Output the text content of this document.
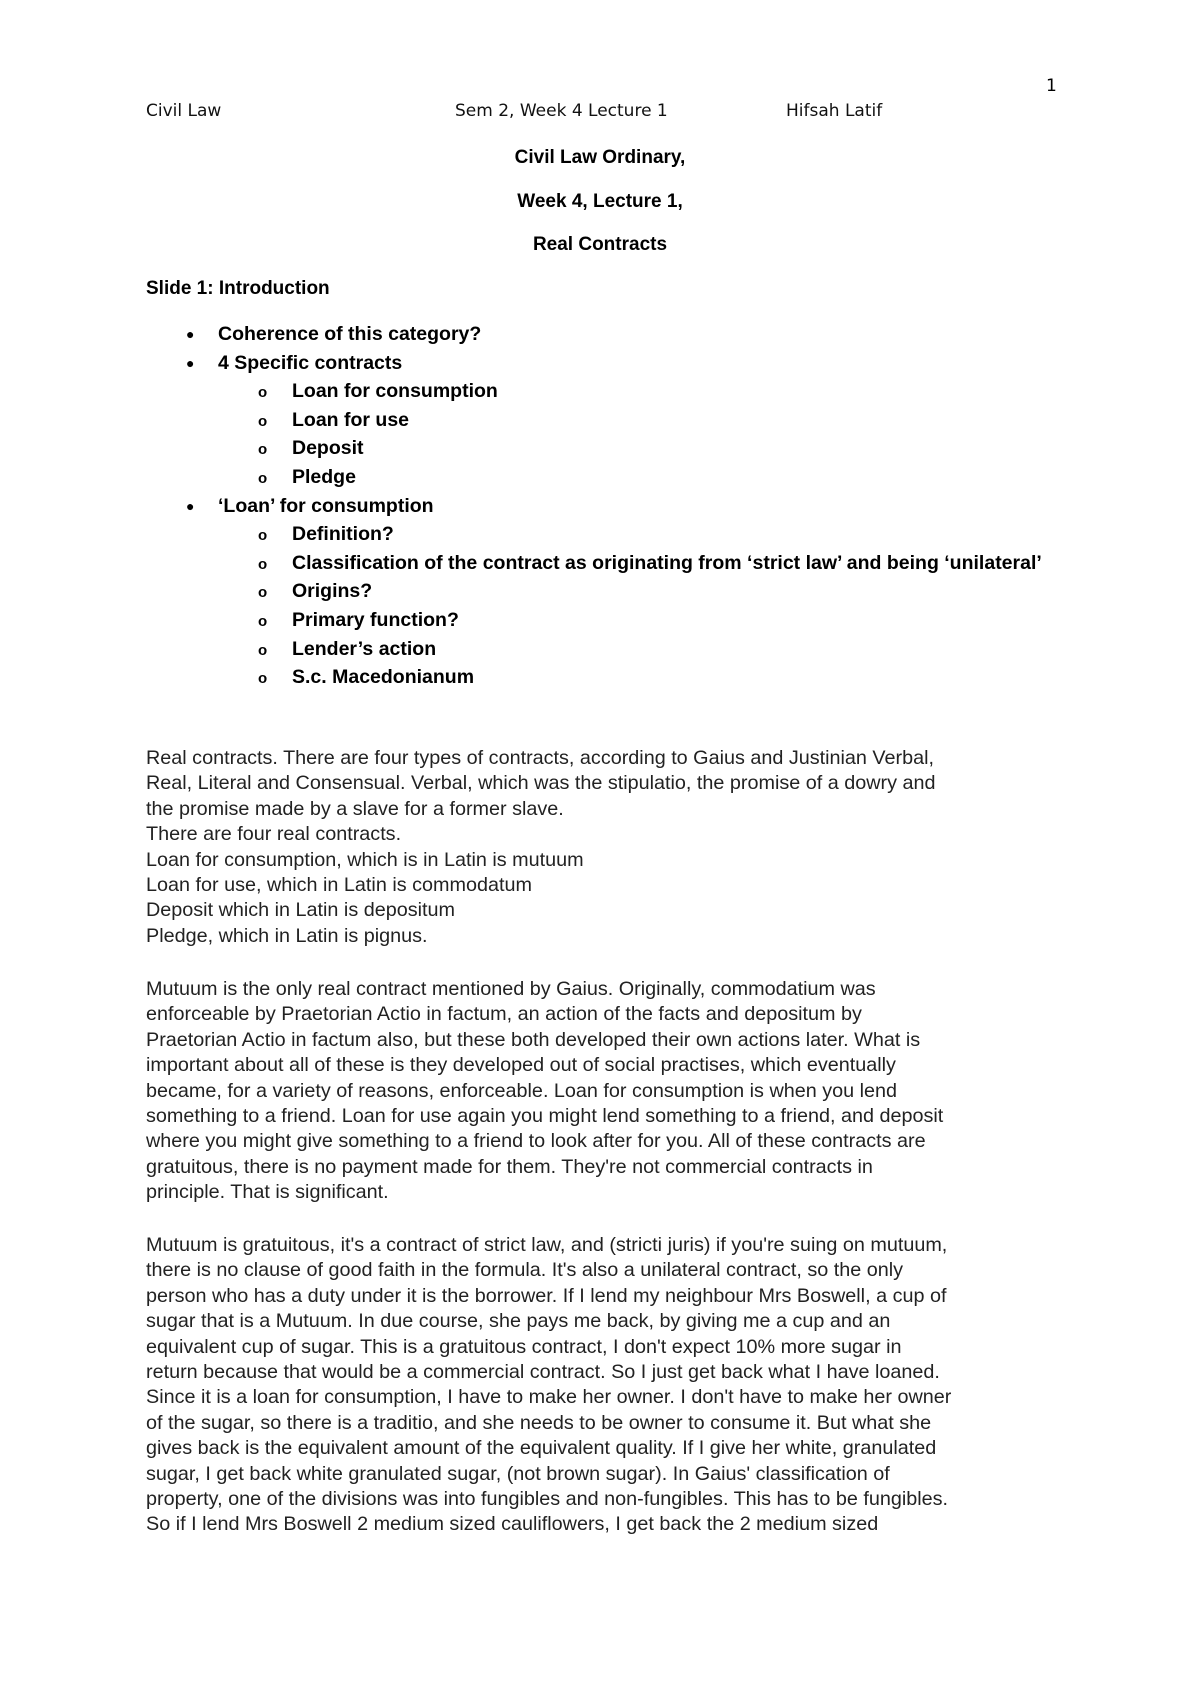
1
Civil Law	Sem 2, Week 4 Lecture 1	Hifsah Latif
Civil Law Ordinary,
Week 4, Lecture 1,
Real Contracts
Slide 1: Introduction
● Coherence of this category?
● 4 Specific contracts
o Loan for consumption
o Loan for use
o Deposit
o Pledge
● ‘Loan’ for consumption
o Definition?
o Classification of the contract as originating from ‘strict law’ and being ‘unilateral’
o Origins?
o Primary function?
o Lender’s action
o S.c. Macedonianum

Real contracts. There are four types of contracts, according to Gaius and Justinian Verbal,

Real, Literal and Consensual. Verbal, which was the stipulatio, the promise of a dowry and

the promise made by a slave for a former slave.

There are four real contracts.

Loan for consumption, which is in Latin is mutuum

Loan for use, which in Latin is commodatum

Deposit which in Latin is depositum

Pledge, which in Latin is pignus.

Mutuum is the only real contract mentioned by Gaius. Originally, commodatium was

enforceable by Praetorian Actio in factum, an action of the facts and depositum by

Praetorian Actio in factum also, but these both developed their own actions later. What is

important about all of these is they developed out of social practises, which eventually

became, for a variety of reasons, enforceable. Loan for consumption is when you lend

something to a friend. Loan for use again you might lend something to a friend, and deposit

where you might give something to a friend to look after for you. All of these contracts are

gratuitous, there is no payment made for them. They're not commercial contracts in

principle. That is significant.

Mutuum is gratuitous, it's a contract of strict law, and (stricti juris) if you're suing on mutuum,

there is no clause of good faith in the formula. It's also a unilateral contract, so the only

person who has a duty under it is the borrower. If I lend my neighbour Mrs Boswell, a cup of

sugar that is a Mutuum. In due course, she pays me back, by giving me a cup and an

equivalent cup of sugar. This is a gratuitous contract, I don't expect 10% more sugar in

return because that would be a commercial contract. So I just get back what I have loaned.

Since it is a loan for consumption, I have to make her owner. I don't have to make her owner

of the sugar, so there is a traditio, and she needs to be owner to consume it. But what she

gives back is the equivalent amount of the equivalent quality. If I give her white, granulated

sugar, I get back white granulated sugar, (not brown sugar). In Gaius' classification of

property, one of the divisions was into fungibles and non-fungibles. This has to be fungibles.

So if I lend Mrs Boswell 2 medium sized cauliflowers, I get back the 2 medium sized
